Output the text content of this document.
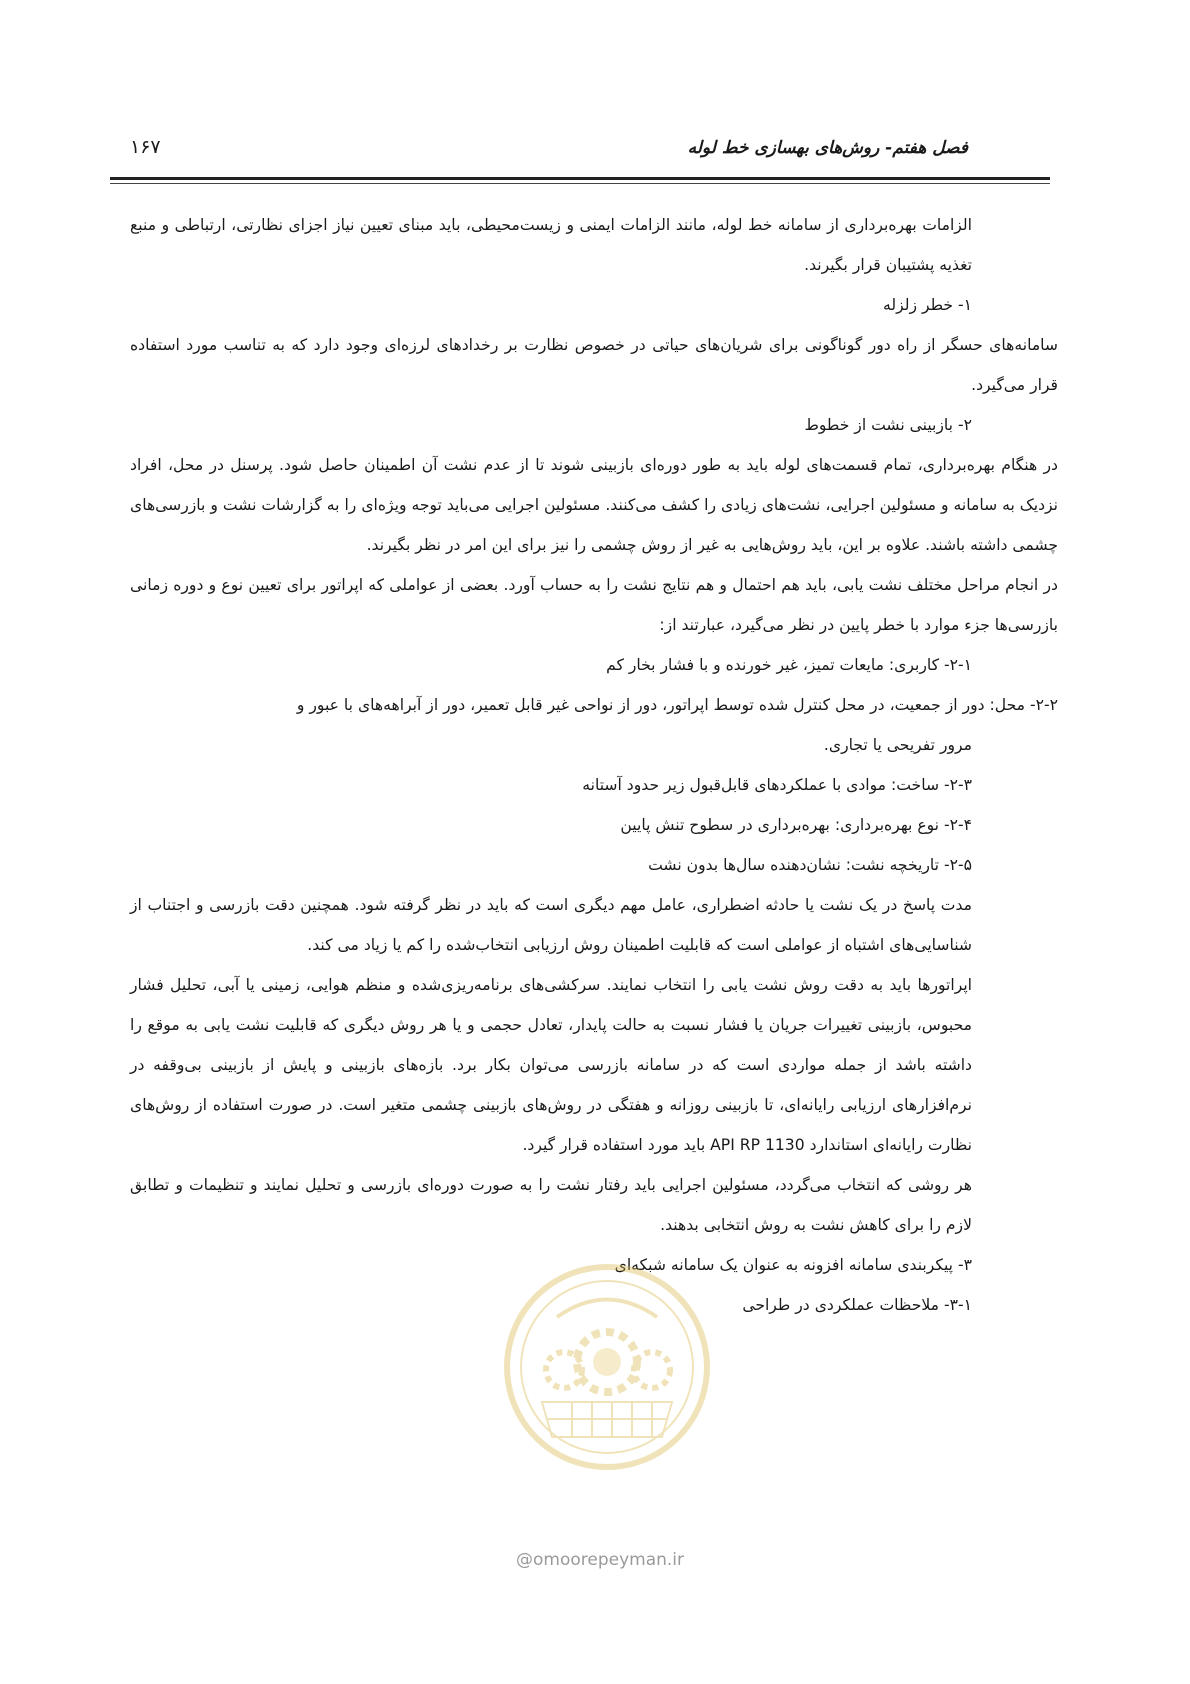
فصل هفتم- روش‌های بهسازی خط لوله
۱۶۷

الزامات بهره‌برداری از سامانه خط لوله، مانند الزامات ایمنی و زیست‌محیطی، باید مبنای تعیین نیاز اجزای نظارتی، ارتباطی و منبع تغذیه پشتیبان قرار بگیرند.

۱- خطر زلزله

سامانه‌های حسگر از راه دور گوناگونی برای شریان‌های حیاتی در خصوص نظارت بر رخدادهای لرزه‌ای وجود دارد که به تناسب مورد استفاده قرار می‌گیرد.

۲- بازبینی نشت از خطوط

در هنگام بهره‌برداری، تمام قسمت‌های لوله باید به طور دوره‌ای بازبینی شوند تا از عدم نشت آن اطمینان حاصل شود. پرسنل در محل، افراد نزدیک به سامانه و مسئولین اجرایی، نشت‌های زیادی را کشف می‌کنند. مسئولین اجرایی می‌باید توجه ویژه‌ای را به گزارشات نشت و بازرسی‌های چشمی داشته باشند. علاوه بر این، باید روش‌هایی به غیر از روش چشمی را نیز برای این امر در نظر بگیرند.

در انجام مراحل مختلف نشت یابی، باید هم احتمال و هم نتایج نشت را به حساب آورد. بعضی از عواملی که اپراتور برای تعیین نوع و دوره زمانی بازرسی‌ها جزء موارد با خطر پایین در نظر می‌گیرد، عبارتند از:

۲-۱- کاربری: مایعات تمیز، غیر خورنده و با فشار بخار کم

۲-۲- محل: دور از جمعیت، در محل کنترل شده توسط اپراتور، دور از نواحی غیر قابل تعمیر، دور از آبراهه‌های با عبور و

مرور تفریحی یا تجاری.

۲-۳- ساخت: موادی با عملکردهای قابل‌قبول زیر حدود آستانه

۲-۴- نوع بهره‌برداری: بهره‌برداری در سطوح تنش پایین

۲-۵- تاریخچه نشت: نشان‌دهنده سال‌ها بدون نشت

مدت پاسخ در یک نشت یا حادثه اضطراری، عامل مهم دیگری است که باید در نظر گرفته شود. همچنین دقت بازرسی و اجتناب از شناسایی‌های اشتباه از عواملی است که قابلیت اطمینان روش ارزیابی انتخاب‌شده را کم یا زیاد می کند.

اپراتورها باید به دقت روش نشت یابی را انتخاب نمایند. سرکشی‌های برنامه‌ریزی‌شده و منظم هوایی، زمینی یا آبی، تحلیل فشار محبوس، بازبینی تغییرات جریان یا فشار نسبت به حالت پایدار، تعادل حجمی و یا هر روش دیگری که قابلیت نشت یابی به موقع را داشته باشد از جمله مواردی است که در سامانه بازرسی می‌توان بکار برد. بازه‌های بازبینی و پایش از بازبینی بی‌وقفه در نرم‌افزارهای ارزیابی رایانه‌ای، تا بازبینی روزانه و هفتگی در روش‌های بازبینی چشمی متغیر است. در صورت استفاده از روش‌های نظارت رایانه‌ای استاندارد API RP 1130 باید مورد استفاده قرار گیرد.

هر روشی که انتخاب می‌گردد، مسئولین اجرایی باید رفتار نشت را به صورت دوره‌ای بازرسی و تحلیل نمایند و تنظیمات و تطابق لازم را برای کاهش نشت به روش انتخابی بدهند.

۳- پیکربندی سامانه افزونه به عنوان یک سامانه شبکه‌ای

۳-۱- ملاحظات عملکردی در طراحی

@omoorepeyman.ir
